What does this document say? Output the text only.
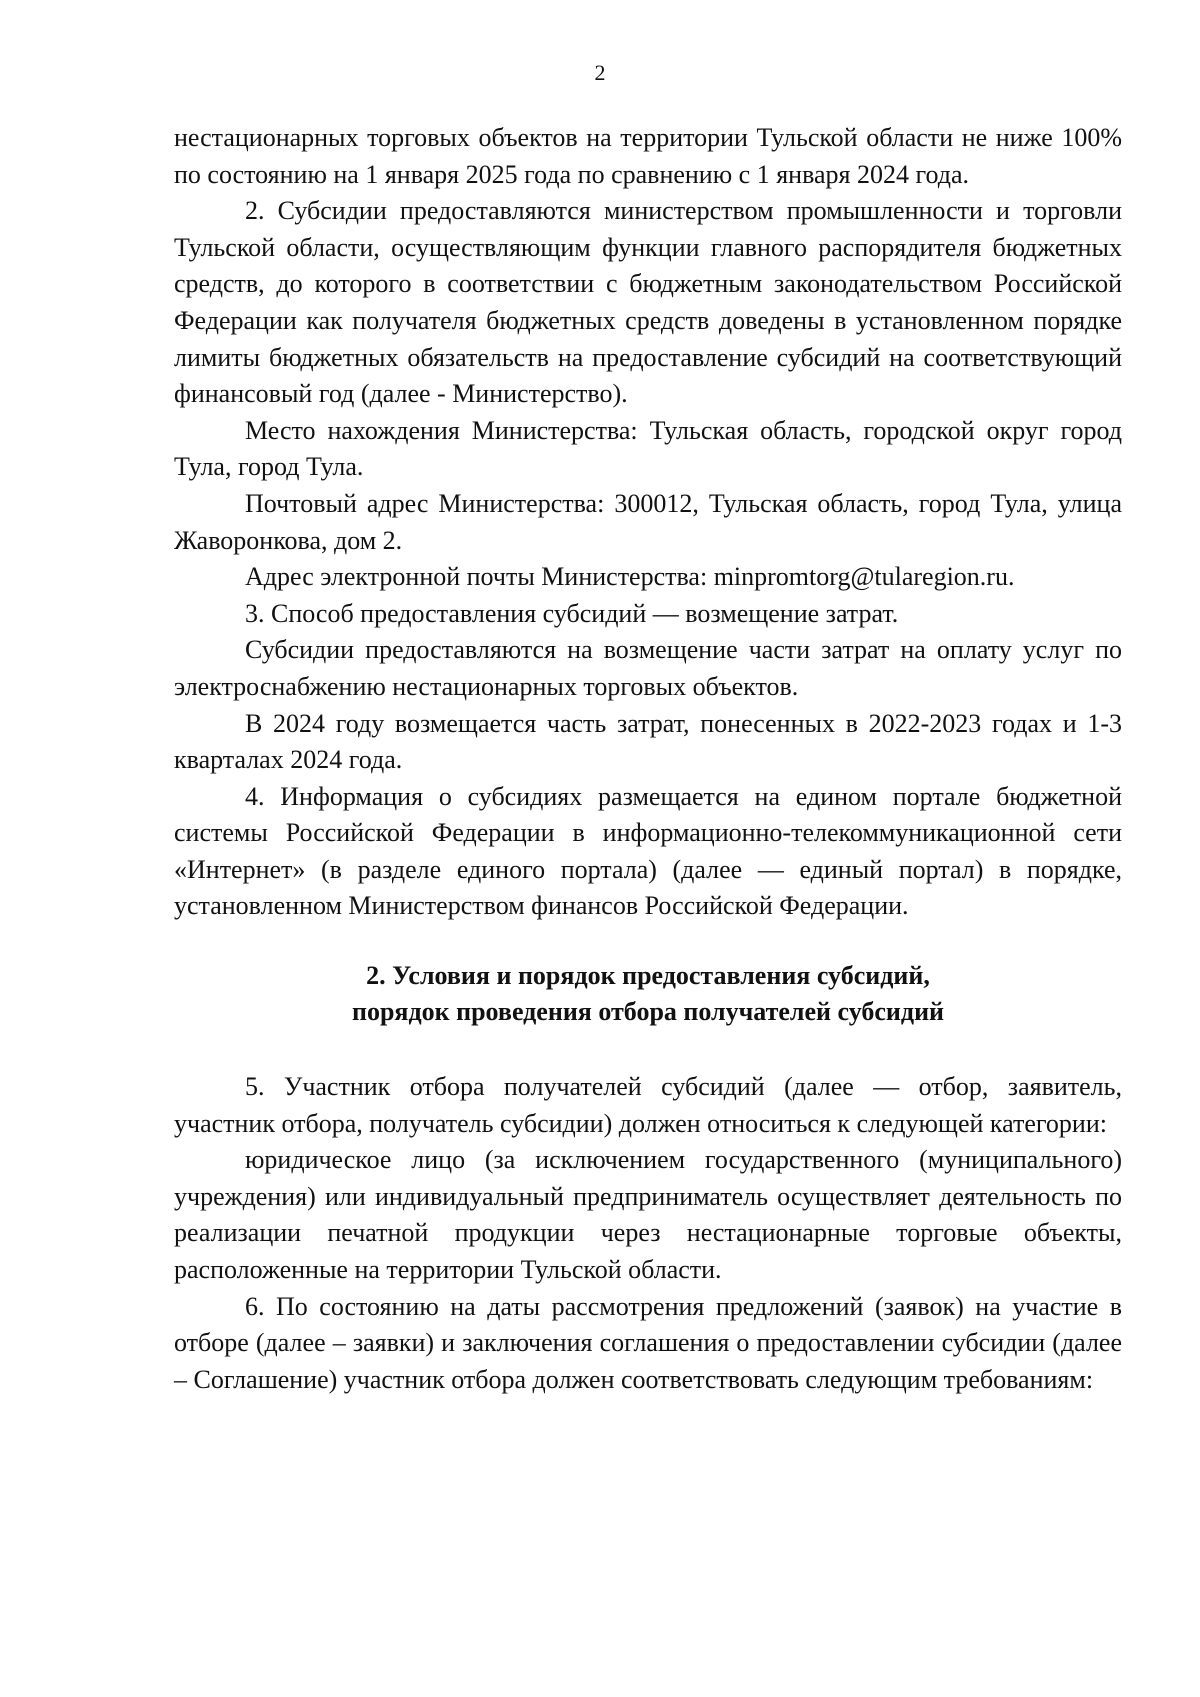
2

нестационарных торговых объектов на территории Тульской области не ниже 100% по состоянию на 1 января 2025 года по сравнению с 1 января 2024 года.

2. Субсидии предоставляются министерством промышленности и торговли Тульской области, осуществляющим функции главного распорядителя бюджетных средств, до которого в соответствии с бюджетным законодательством Российской Федерации как получателя бюджетных средств доведены в установленном порядке лимиты бюджетных обязательств на предоставление субсидий на соответствующий финансовый год (далее - Министерство).

Место нахождения Министерства: Тульская область, городской округ город Тула, город Тула.

Почтовый адрес Министерства: 300012, Тульская область, город Тула, улица Жаворонкова, дом 2.

Адрес электронной почты Министерства: minpromtorg@tularegion.ru.

3. Способ предоставления субсидий — возмещение затрат.

Субсидии предоставляются на возмещение части затрат на оплату услуг по электроснабжению нестационарных торговых объектов.

В 2024 году возмещается часть затрат, понесенных в 2022-2023 годах и 1-3 кварталах 2024 года.

4. Информация о субсидиях размещается на едином портале бюджетной системы Российской Федерации в информационно-телекоммуникационной сети «Интернет» (в разделе единого портала) (далее — единый портал) в порядке, установленном Министерством финансов Российской Федерации.

2. Условия и порядок предоставления субсидий,
порядок проведения отбора получателей субсидий

5. Участник отбора получателей субсидий (далее — отбор, заявитель, участник отбора, получатель субсидии) должен относиться к следующей категории:

юридическое лицо (за исключением государственного (муниципального) учреждения) или индивидуальный предприниматель осуществляет деятельность по реализации печатной продукции через нестационарные торговые объекты, расположенные на территории Тульской области.

6. По состоянию на даты рассмотрения предложений (заявок) на участие в отборе (далее – заявки) и заключения соглашения о предоставлении субсидии (далее – Соглашение) участник отбора должен соответствовать следующим требованиям:
